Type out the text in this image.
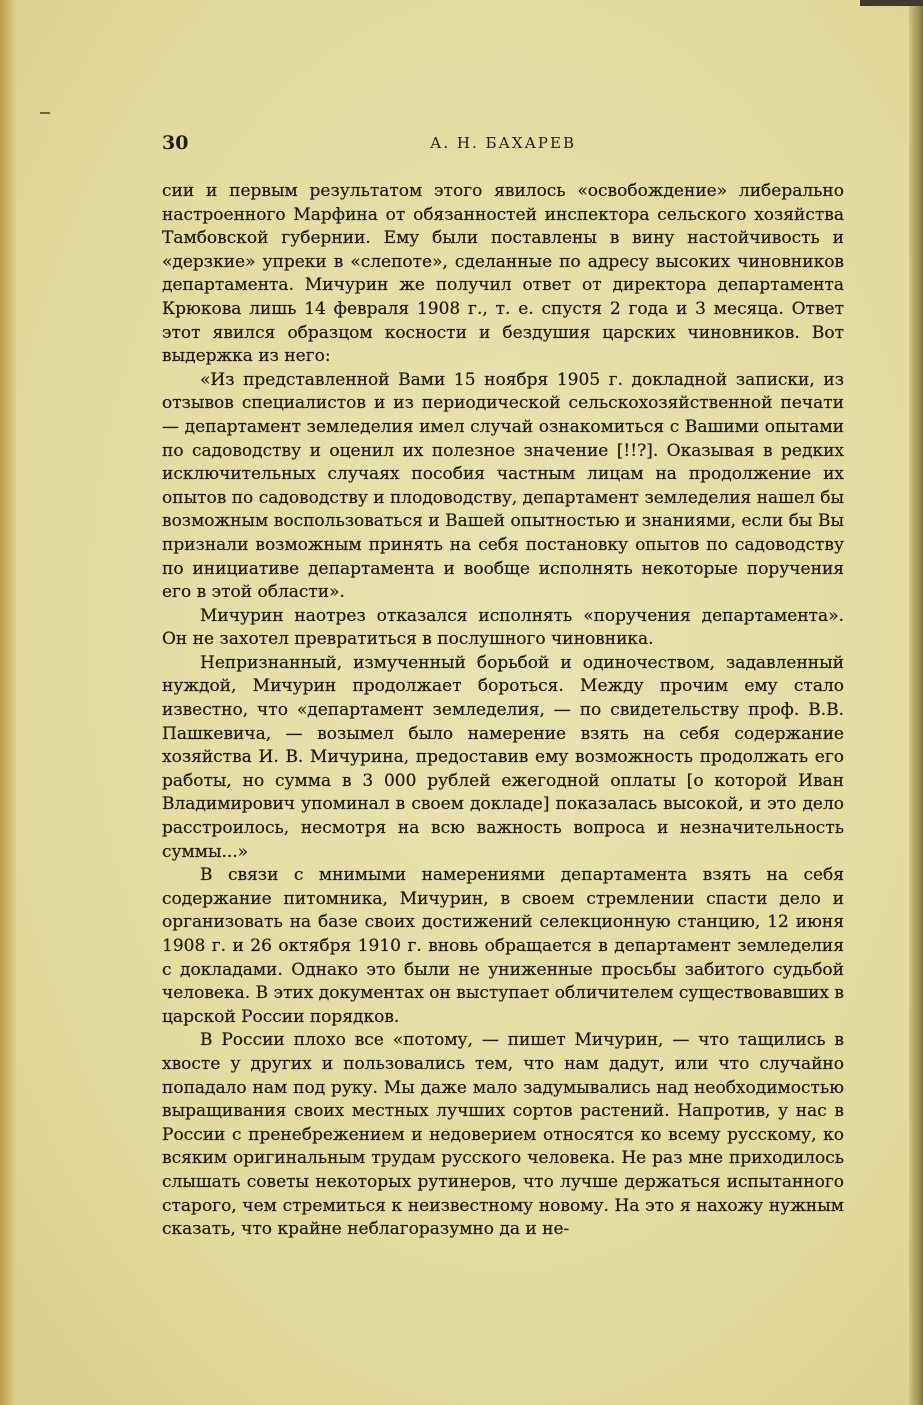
30	А. Н. БАХАРЕВ

сии и первым результатом этого явилось «освобождение» либерально настроенного Марфина от обязанностей инспектора сельского хозяйства Тамбовской губернии. Ему были поставлены в вину настойчивость и «дерзкие» упреки в «слепоте», сделанные по адресу высоких чиновников департамента. Мичурин же получил ответ от директора департамента Крюкова лишь 14 февраля 1908 г., т. е. спустя 2 года и 3 месяца. Ответ этот явился образцом косности и бездушия царских чиновников. Вот выдержка из него:

«Из представленной Вами 15 ноября 1905 г. докладной записки, из отзывов специалистов и из периодической сельскохозяйственной печати — департамент земледелия имел случай ознакомиться с Вашими опытами по садоводству и оценил их полезное значение [!!?]. Оказывая в редких исключительных случаях пособия частным лицам на продолжение их опытов по садоводству и плодоводству, департамент земледелия нашел бы возможным воспользоваться и Вашей опытностью и знаниями, если бы Вы признали возможным принять на себя постановку опытов по садоводству по инициативе департамента и вообще исполнять некоторые поручения его в этой области».

Мичурин наотрез отказался исполнять «поручения департамента». Он не захотел превратиться в послушного чиновника.

Непризнанный, измученный борьбой и одиночеством, задавленный нуждой, Мичурин продолжает бороться. Между прочим ему стало известно, что «департамент земледелия, — по свидетельству проф. В.В. Пашкевича, — возымел было намерение взять на себя содержание хозяйства И. В. Мичурина, предоставив ему возможность продолжать его работы, но сумма в 3 000 рублей ежегодной оплаты [о которой Иван Владимирович упоминал в своем докладе] показалась высокой, и это дело расстроилось, несмотря на всю важность вопроса и незначительность суммы...»

В связи с мнимыми намерениями департамента взять на себя содержание питомника, Мичурин, в своем стремлении спасти дело и организовать на базе своих достижений селекционную станцию, 12 июня 1908 г. и 26 октября 1910 г. вновь обращается в департамент земледелия с докладами. Однако это были не униженные просьбы забитого судьбой человека. В этих документах он выступает обличителем существовавших в царской России порядков.

В России плохо все «потому, — пишет Мичурин, — что тащились в хвосте у других и пользовались тем, что нам дадут, или что случайно попадало нам под руку. Мы даже мало задумывались над необходимостью выращивания своих местных лучших сортов растений. Напротив, у нас в России с пренебрежением и недоверием относятся ко всему русскому, ко всяким оригинальным трудам русского человека. Не раз мне приходилось слышать советы некоторых рутинеров, что лучше держаться испытанного старого, чем стремиться к неизвестному новому. На это я нахожу нужным сказать, что крайне неблагоразумно да и не-
